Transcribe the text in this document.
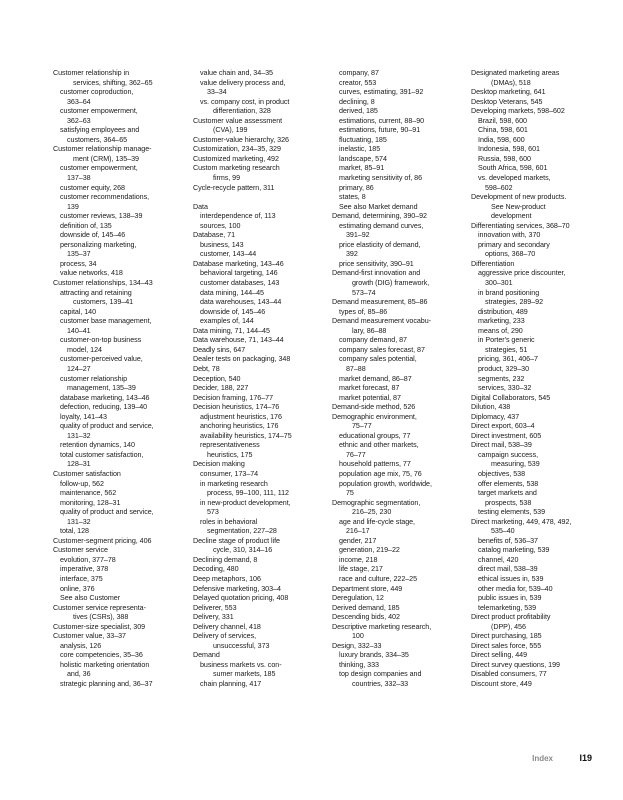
Customer relationship in
services, shifting, 362–65
customer coproduction,
363–64
customer empowerment,
362–63
satisfying employees and
customers, 364–65
Customer relationship manage-
ment (CRM), 135–39
customer empowerment,
137–38
customer equity, 268
customer recommendations,
139
customer reviews, 138–39
definition of, 135
downside of, 145–46
personalizing marketing,
135–37
process, 34
value networks, 418
Customer relationships, 134–43
attracting and retaining
customers, 139–41
capital, 140
customer base management,
140–41
customer-on-top business
model, 124
customer-perceived value,
124–27
customer relationship
management, 135–39
database marketing, 143–46
defection, reducing, 139–40
loyalty, 141–43
quality of product and service,
131–32
retention dynamics, 140
total customer satisfaction,
128–31
Customer satisfaction
follow-up, 562
maintenance, 562
monitoring, 128–31
quality of product and service,
131–32
total, 128
Customer-segment pricing, 406
Customer service
evolution, 377–78
imperative, 378
interface, 375
online, 376
See also Customer
Customer service representa-
tives (CSRs), 388
Customer-size specialist, 309
Customer value, 33–37
analysis, 126
core competencies, 35–36
holistic marketing orientation
and, 36
strategic planning and, 36–37
value chain and, 34–35
value delivery process and,
33–34
vs. company cost, in product
differentiation, 328
Customer value assessment
(CVA), 199
Customer-value hierarchy, 326
Customization, 234–35, 329
Customized marketing, 492
Custom marketing research
firms, 99
Cycle-recycle pattern, 311
Data
interdependence of, 113
sources, 100
Database, 71
business, 143
customer, 143–44
Database marketing, 143–46
behavioral targeting, 146
customer databases, 143
data mining, 144–45
data warehouses, 143–44
downside of, 145–46
examples of, 144
Data mining, 71, 144–45
Data warehouse, 71, 143–44
Deadly sins, 647
Dealer tests on packaging, 348
Debt, 78
Deception, 540
Decider, 188, 227
Decision framing, 176–77
Decision heuristics, 174–76
adjustment heuristics, 176
anchoring heuristics, 176
availability heuristics, 174–75
representativeness
heuristics, 175
Decision making
consumer, 173–74
in marketing research
process, 99–100, 111, 112
in new-product development,
573
roles in behavioral
segmentation, 227–28
Decline stage of product life
cycle, 310, 314–16
Declining demand, 8
Decoding, 480
Deep metaphors, 106
Defensive marketing, 303–4
Delayed quotation pricing, 408
Deliverer, 553
Delivery, 331
Delivery channel, 418
Delivery of services,
unsuccessful, 373
Demand
business markets vs. con-
sumer markets, 185
chain planning, 417
company, 87
creator, 553
curves, estimating, 391–92
declining, 8
derived, 185
estimations, current, 88–90
estimations, future, 90–91
fluctuating, 185
inelastic, 185
landscape, 574
market, 85–91
marketing sensitivity of, 86
primary, 86
states, 8
See also Market demand
Demand, determining, 390–92
estimating demand curves,
391–92
price elasticity of demand,
392
price sensitivity, 390–91
Demand-first innovation and
growth (DIG) framework,
573–74
Demand measurement, 85–86
types of, 85–86
Demand measurement vocabu-
lary, 86–88
company demand, 87
company sales forecast, 87
company sales potential,
87–88
market demand, 86–87
market forecast, 87
market potential, 87
Demand-side method, 526
Demographic environment,
75–77
educational groups, 77
ethnic and other markets,
76–77
household patterns, 77
population age mix, 75, 76
population growth, worldwide,
75
Demographic segmentation,
216–25, 230
age and life-cycle stage,
216–17
gender, 217
generation, 219–22
income, 218
life stage, 217
race and culture, 222–25
Department store, 449
Deregulation, 12
Derived demand, 185
Descending bids, 402
Descriptive marketing research,
100
Design, 332–33
luxury brands, 334–35
thinking, 333
top design companies and
countries, 332–33
Designated marketing areas
(DMAs), 518
Desktop marketing, 641
Desktop Veterans, 545
Developing markets, 598–602
Brazil, 598, 600
China, 598, 601
India, 598, 600
Indonesia, 598, 601
Russia, 598, 600
South Africa, 598, 601
vs. developed markets,
598–602
Development of new products.
See New-product
development
Differentiating services, 368–70
innovation with, 370
primary and secondary
options, 368–70
Differentiation
aggressive price discounter,
300–301
in brand positioning
strategies, 289–92
distribution, 489
marketing, 233
means of, 290
in Porter's generic
strategies, 51
pricing, 361, 406–7
product, 329–30
segments, 232
services, 330–32
Digital Collaborators, 545
Dilution, 438
Diplomacy, 437
Direct export, 603–4
Direct investment, 605
Direct mail, 538–39
campaign success,
measuring, 539
objectives, 538
offer elements, 538
target markets and
prospects, 538
testing elements, 539
Direct marketing, 449, 478, 492,
535–40
benefits of, 536–37
catalog marketing, 539
channel, 420
direct mail, 538–39
ethical issues in, 539
other media for, 539–40
public issues in, 539
telemarketing, 539
Direct product profitability
(DPP), 456
Direct purchasing, 185
Direct sales force, 555
Direct selling, 449
Direct survey questions, 199
Disabled consumers, 77
Discount store, 449
Index	I19
